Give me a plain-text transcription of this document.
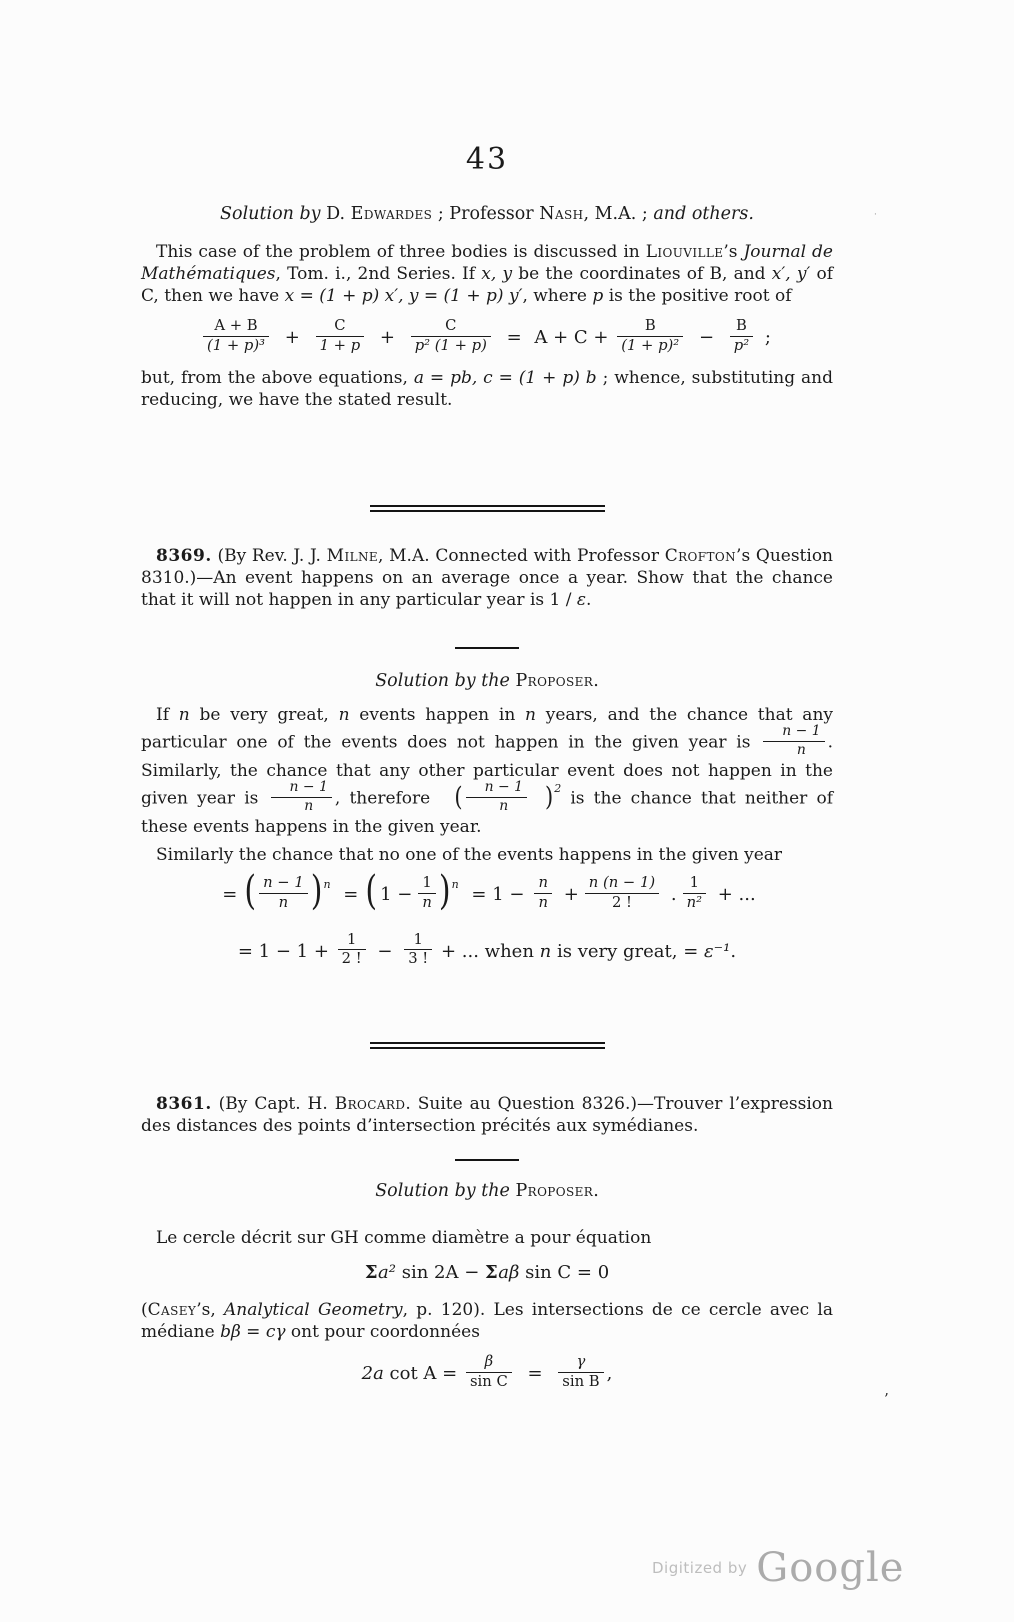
43
·
Solution by D. Edwardes ; Professor Nash, M.A. ; and others.
This case of the problem of three bodies is discussed in Liouville’s Journal de Mathématiques, Tom. i., 2nd Series. If x, y be the coordinates of B, and x′, y′ of C, then we have x = (1 + p) x′, y = (1 + p) y′, where p is the positive root of
$\frac{A + B}{\text{(1 + p)³}} + \frac{C}{1 + p} + \frac{C}{\text{p² (1 + p)}} = A + C + \frac{B}{\text{(1 + p)²}} - \frac{B}{\text{p²}}$ ;
but, from the above equations, a = pb, c = (1 + p) b ; whence, substituting and reducing, we have the stated result.
8369. (By Rev. J. J. Milne, M.A. Connected with Professor Crofton’s Question 8310.)—An event happens on an average once a year. Show that the chance that it will not happen in any particular year is 1 / ε.
Solution by the Proposer.
If n be very great, n events happen in n years, and the chance that any particular one of the events does not happen in the given year is $\frac{n - 1}{n}$ . Similarly, the chance that any other particular event does not happen in the given year is $\frac{n - 1}{n}$ , therefore ( $\frac{n - 1}{n} )^2$ is the chance that neither of these events happens in the given year.
Similarly the chance that no one of the events happens in the given year
= ( $\frac{n - 1}{n} )^n$ = ( $1 - \frac{1}{n} )^n = 1 - \frac{n}{n} + \frac{n (n - 1)}{2 !}$ . $\frac{1}{\text{n²}}$ + ...
= $1 - 1 + \frac{1}{2 !} - \frac{1}{3 !}$ + ... when n is very great, = ε⁻¹.
8361. (By Capt. H. Brocard. Suite au Question 8326.)—Trouver l’expression des distances des points d’intersection précités aux symédianes.
Solution by the Proposer.
Le cercle décrit sur GH comme diamètre a pour équation
Σa² sin 2A − Σaβ sin C = 0
(Casey’s, Analytical Geometry, p. 120). Les intersections de ce cercle avec la médiane bβ = cγ ont pour coordonnées
2a $\cot A = \frac{\beta}{\text{sin C}} = \frac{\gamma}{\text{sin B}}$ ,
’
Digitized by Google
